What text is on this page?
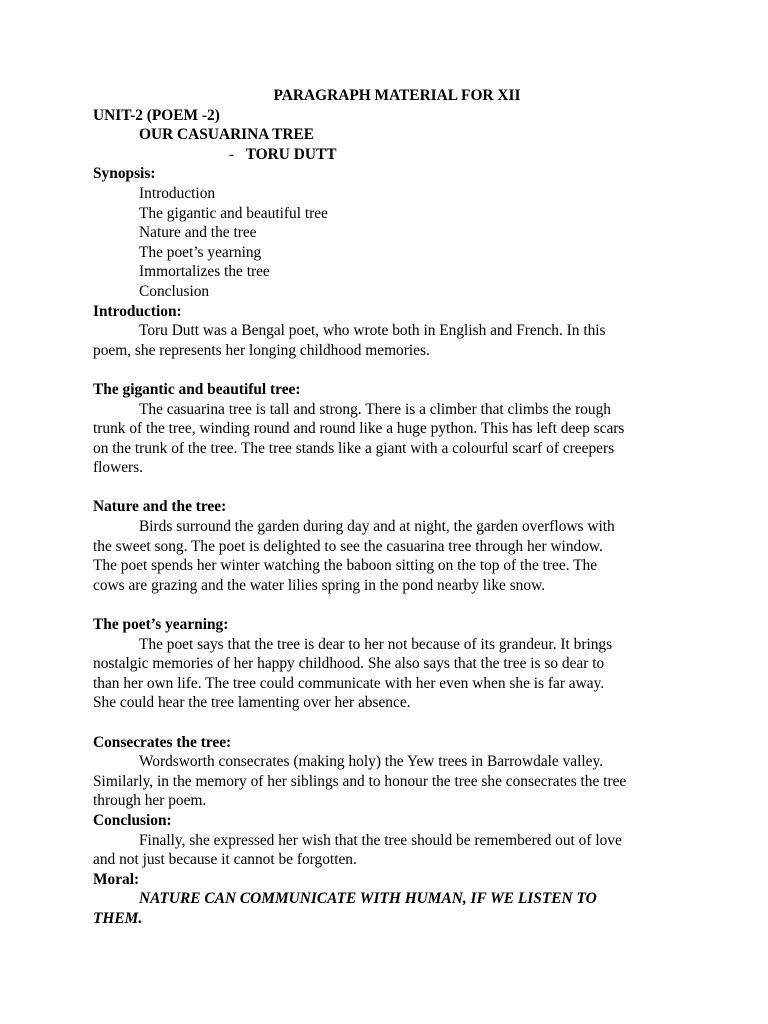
PARAGRAPH MATERIAL FOR XII
UNIT-2 (POEM -2)
OUR CASUARINA TREE
- TORU DUTT
Synopsis:
Introduction
The gigantic and beautiful tree
Nature and the tree
The poet’s yearning
Immortalizes the tree
Conclusion
Introduction:
Toru Dutt was a Bengal poet, who wrote both in English and French. In this
poem, she represents her longing childhood memories.
The gigantic and beautiful tree:
The casuarina tree is tall and strong. There is a climber that climbs the rough
trunk of the tree, winding round and round like a huge python. This has left deep scars
on the trunk of the tree. The tree stands like a giant with a colourful scarf of creepers
flowers.
Nature and the tree:
Birds surround the garden during day and at night, the garden overflows with
the sweet song. The poet is delighted to see the casuarina tree through her window.
The poet spends her winter watching the baboon sitting on the top of the tree. The
cows are grazing and the water lilies spring in the pond nearby like snow.
The poet’s yearning:
The poet says that the tree is dear to her not because of its grandeur. It brings
nostalgic memories of her happy childhood. She also says that the tree is so dear to
than her own life. The tree could communicate with her even when she is far away.
She could hear the tree lamenting over her absence.
Consecrates the tree:
Wordsworth consecrates (making holy) the Yew trees in Barrowdale valley.
Similarly, in the memory of her siblings and to honour the tree she consecrates the tree
through her poem.
Conclusion:
Finally, she expressed her wish that the tree should be remembered out of love
and not just because it cannot be forgotten.
Moral:
NATURE CAN COMMUNICATE WITH HUMAN, IF WE LISTEN TO
THEM.
